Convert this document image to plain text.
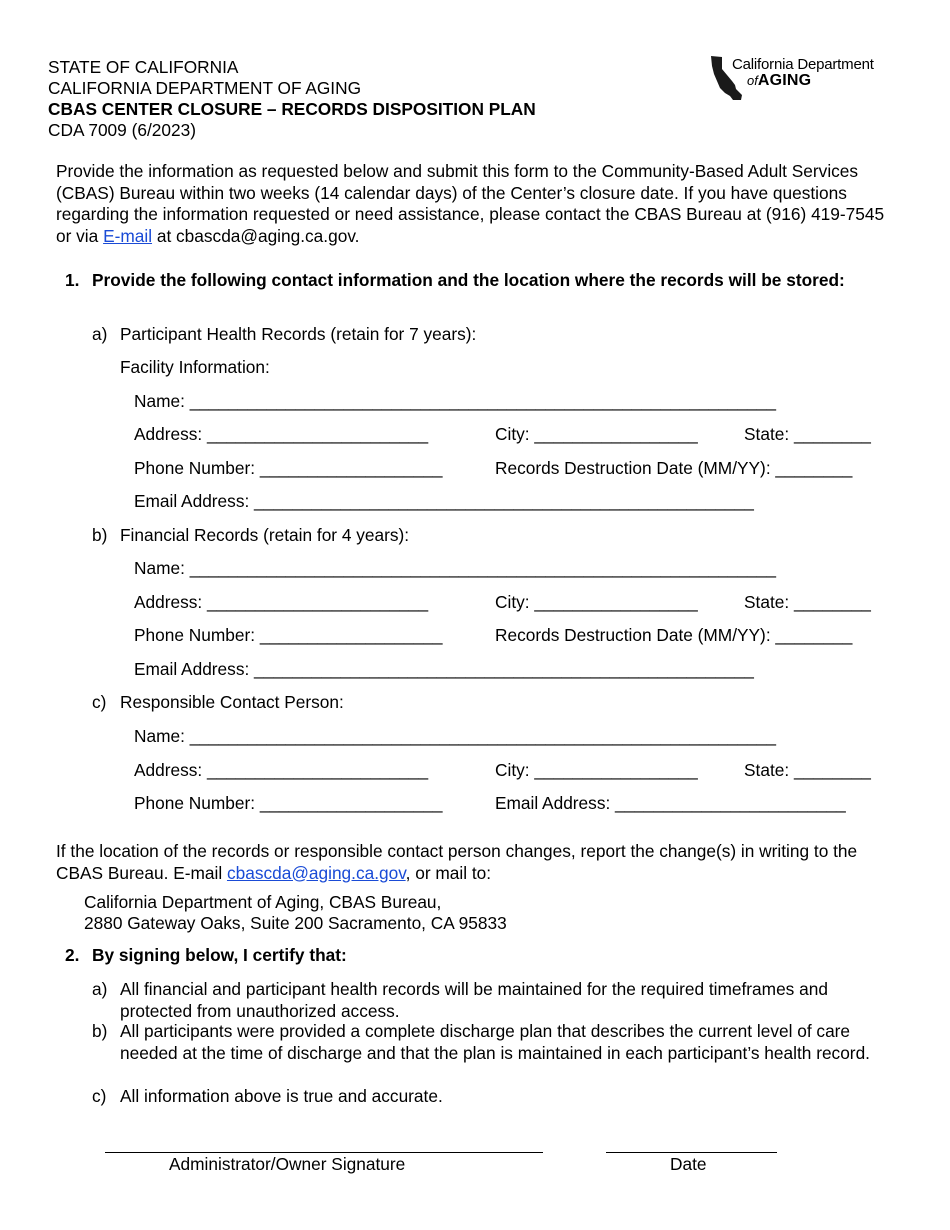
STATE OF CALIFORNIA
CALIFORNIA DEPARTMENT OF AGING
CBAS CENTER CLOSURE – RECORDS DISPOSITION PLAN
CDA 7009 (6/2023)
California Department
ofAGING
Provide the information as requested below and submit this form to the Community-Based Adult Services (CBAS) Bureau within two weeks (14 calendar days) of the Center’s closure date. If you have questions regarding the information requested or need assistance, please contact the CBAS Bureau at (916) 419-7545 or via E-mail at cbascda@aging.ca.gov.
1. Provide the following contact information and the location where the records will be stored:
a) Participant Health Records (retain for 7 years):
Facility Information:
Name: _____________________________________________________________
Address: _______________________	City: _________________	State: ________
Phone Number: ___________________	Records Destruction Date (MM/YY): ________
Email Address: ____________________________________________________
b) Financial Records (retain for 4 years):
Name: _____________________________________________________________
Address: _______________________	City: _________________	State: ________
Phone Number: ___________________	Records Destruction Date (MM/YY): ________
Email Address: ____________________________________________________
c) Responsible Contact Person:
Name: _____________________________________________________________
Address: _______________________	City: _________________	State: ________
Phone Number: ___________________	Email Address: ________________________
If the location of the records or responsible contact person changes, report the change(s) in writing to the CBAS Bureau. E-mail cbascda@aging.ca.gov, or mail to:
California Department of Aging, CBAS Bureau,
2880 Gateway Oaks, Suite 200 Sacramento, CA 95833
2. By signing below, I certify that:
a) All financial and participant health records will be maintained for the required timeframes and protected from unauthorized access.
b) All participants were provided a complete discharge plan that describes the current level of care needed at the time of discharge and that the plan is maintained in each participant’s health record.
c) All information above is true and accurate.
Administrator/Owner Signature	Date
